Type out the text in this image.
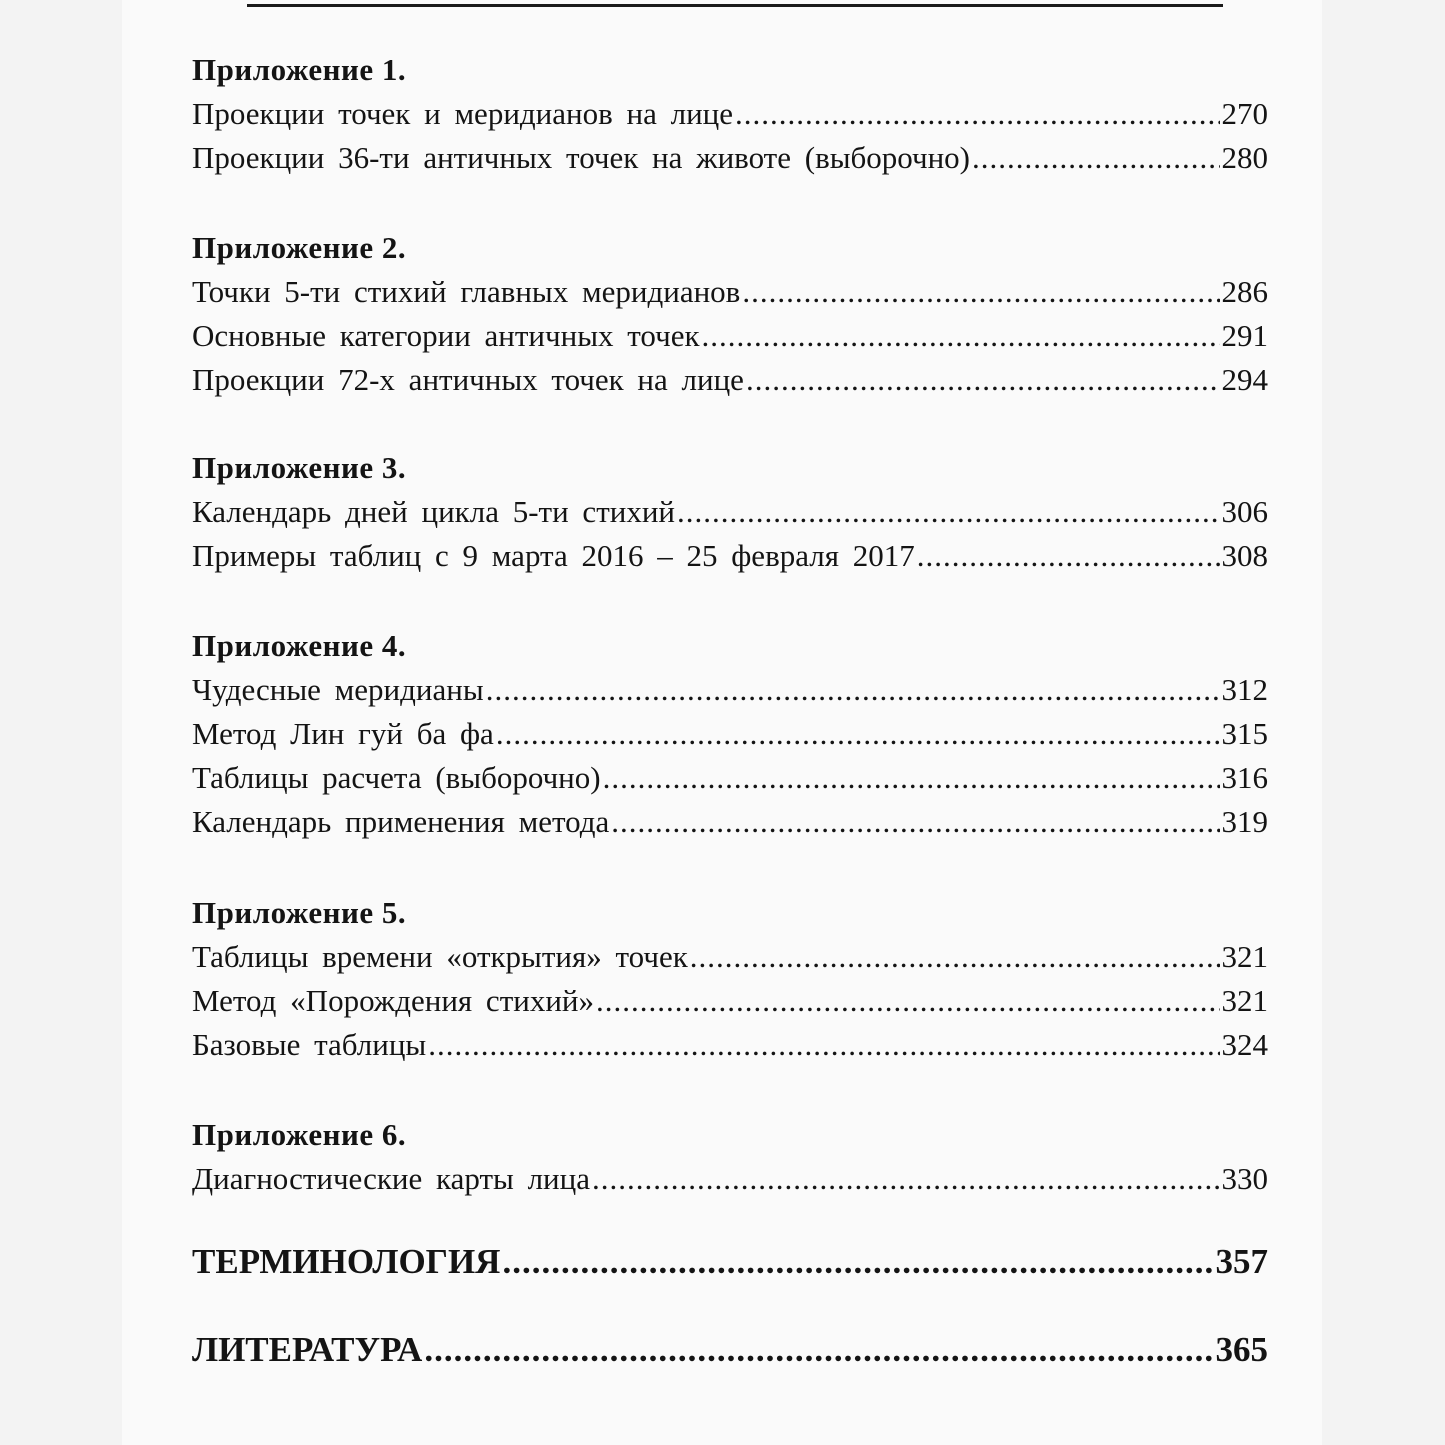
Приложение 1.
Проекции точек и меридианов на лице .....	270
Проекции 36-ти античных точек на животе (выборочно) .....	280
Приложение 2.
Точки 5-ти стихий главных меридианов .....	286
Основные категории античных точек .....	291
Проекции 72-х античных точек на лице .....	294
Приложение 3.
Календарь дней цикла 5-ти стихий .....	306
Примеры таблиц с 9 марта 2016 – 25 февраля 2017 .....	308
Приложение 4.
Чудесные меридианы .....	312
Метод Лин гуй ба фа .....	315
Таблицы расчета (выборочно) .....	316
Календарь применения метода .....	319
Приложение 5.
Таблицы времени «открытия» точек .....	321
Метод «Порождения стихий» .....	321
Базовые таблицы .....	324
Приложение 6.
Диагностические карты лица .....	330
ТЕРМИНОЛОГИЯ .....	357
ЛИТЕРАТУРА .....	365
